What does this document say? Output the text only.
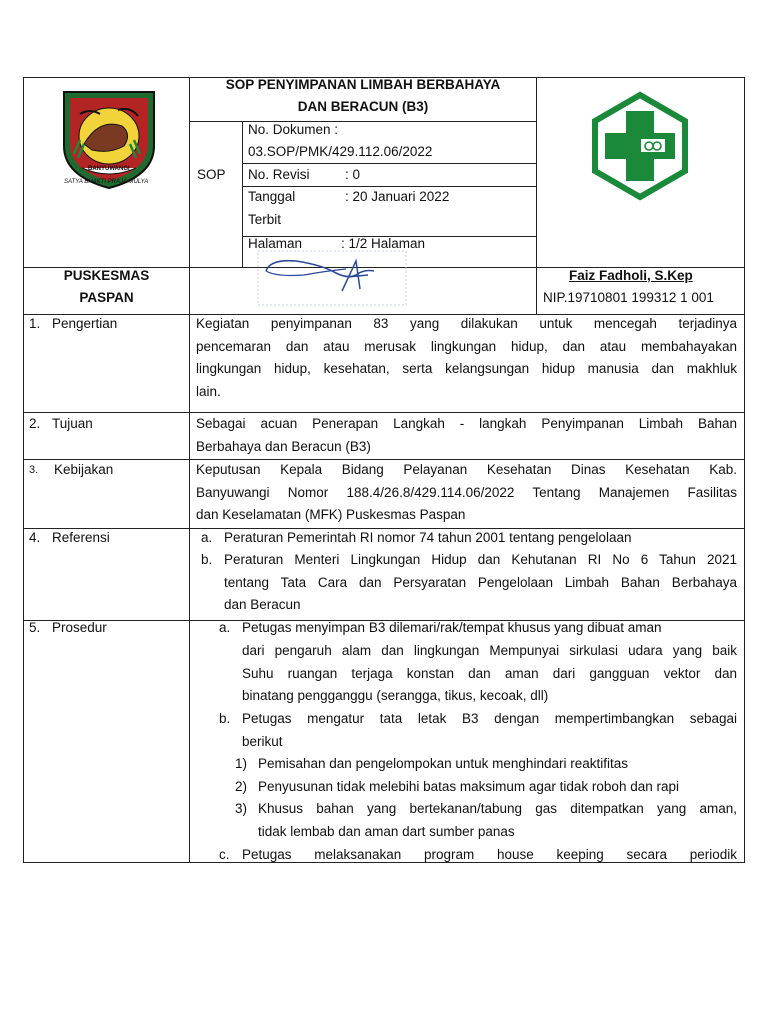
BANYUWANGI
SATYA BHAKTI PRAJA MULYA
SOP PENYIMPANAN LIMBAH BERBAHAYA
DAN BERACUN (B3)
SOP
No. Dokumen :
03.SOP/PMK/429.112.06/2022
No. Revisi	: 0
Tanggal	: 20 Januari 2022
Terbit
Halaman	: 1/2 Halaman
PUSKESMAS
PASPAN
Faiz Fadholi, S.Kep
NIP.19710801 199312 1 001
1. Pengertian	Kegiatan penyimpanan 83 yang dilakukan untuk mencegah terjadinya
pencemaran dan atau merusak lingkungan hidup, dan atau membahayakan
lingkungan hidup, kesehatan, serta kelangsungan hidup manusia dan makhluk
lain.
2. Tujuan	Sebagai acuan Penerapan Langkah - langkah Penyimpanan Limbah Bahan
Berbahaya dan Beracun (B3)
3. Kebijakan	Keputusan Kepala Bidang Pelayanan Kesehatan Dinas Kesehatan Kab.
Banyuwangi Nomor 188.4/26.8/429.114.06/2022 Tentang Manajemen Fasilitas
dan Keselamatan (MFK) Puskesmas Paspan
4. Referensi	a. Peraturan Pemerintah RI nomor 74 tahun 2001 tentang pengelolaan
b. Peraturan Menteri Lingkungan Hidup dan Kehutanan RI No 6 Tahun 2021
tentang Tata Cara dan Persyaratan Pengelolaan Limbah Bahan Berbahaya
dan Beracun
5. Prosedur	a. Petugas menyimpan B3 dilemari/rak/tempat khusus yang dibuat aman
dari pengaruh alam dan lingkungan Mempunyai sirkulasi udara yang baik
Suhu ruangan terjaga konstan dan aman dari gangguan vektor dan
binatang pengganggu (serangga, tikus, kecoak, dll)
b. Petugas mengatur tata letak B3 dengan mempertimbangkan sebagai
berikut
1) Pemisahan dan pengelompokan untuk menghindari reaktifitas
2) Penyusunan tidak melebihi batas maksimum agar tidak roboh dan rapi
3) Khusus bahan yang bertekanan/tabung gas ditempatkan yang aman,
tidak lembab dan aman dart sumber panas
c. Petugas melaksanakan program house keeping secara periodik
